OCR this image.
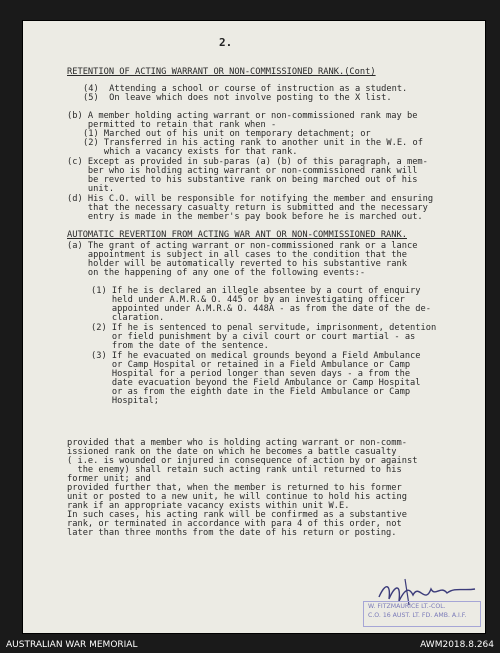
2.
RETENTION OF ACTING WARRANT OR NON-COMMISSIONED RANK.(Cont)
(4)  Attending a school or course of instruction as a student.
(5)  On leave which does not involve posting to the X list.
(b) A member holding acting warrant or non-commissioned rank may be
permitted to retain that rank when -
(1) Marched out of his unit on temporary detachment; or
(2) Transferred in his acting rank to another unit in the W.E. of
which a vacancy exists for that rank.
(c) Except as provided in sub-paras (a) (b) of this paragraph, a mem-
ber who is holding acting warrant or non-commissioned rank will
be reverted to his substantive rank on being marched out of his
unit.
(d) His C.O. will be responsible for notifying the member and ensuring
that the necessary casualty return is submitted and the necessary
entry is made in the member's pay book before he is marched out.
AUTOMATIC REVERTION FROM ACTING WAR ANT OR NON-COMMISSIONED RANK.
(a) The grant of acting warrant or non-commissioned rank or a lance
appointment is subject in all cases to the condition that the
holder will be automatically reverted to his substantive rank
on the happening of any one of the following events:-
(1) If he is declared an illegle absentee by a court of enquiry
held under A.M.R.& O. 445 or by an investigating officer
appointed under A.M.R.& O. 448A - as from the date of the de-
claration.
(2) If he is sentenced to penal servitude, imprisonment, detention
or field punishment by a civil court or court martial - as
from the date of the sentence.
(3) If he evacuated on medical grounds beyond a Field Ambulance
or Camp Hospital or retained in a Field Ambulance or Camp
Hospital for a period longer than seven days - a from the
date evacuation beyond the Field Ambulance or Camp Hospital
or as from the eighth date in the Field Ambulance or Camp
Hospital;
provided that a member who is holding acting warrant or non-comm-
issioned rank on the date on which he becomes a battle casualty
( i.e. is wounded or injured in consequence of action by or against
the enemy) shall retain such acting rank until returned to his
former unit; and
provided further that, when the member is returned to his former
unit or posted to a new unit, he will continue to hold his acting
rank if an appropriate vacancy exists within unit W.E.
In such cases, his acting rank will be confirmed as a substantive
rank, or terminated in accordance with para 4 of this order, not
later than three months from the date of his return or posting.
W. FITZMAURICE LT.-COL.
C.O. 16 AUST. LT. FD. AMB. A.I.F.
AUSTRALIAN WAR MEMORIAL	AWM2018.8.264
